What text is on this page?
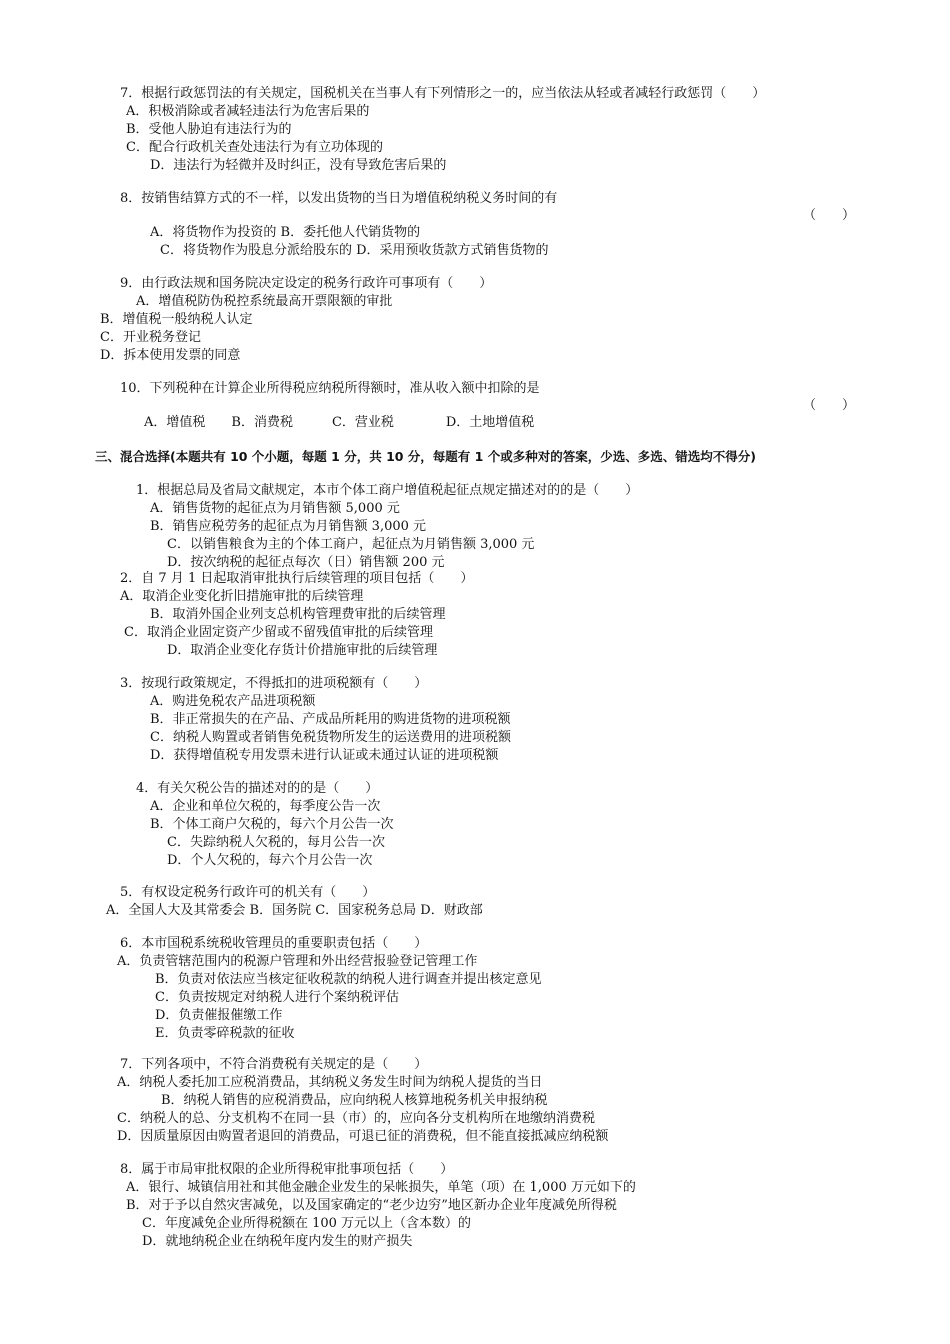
7．根据行政惩罚法的有关规定，国税机关在当事人有下列情形之一的，应当依法从轻或者减轻行政惩罚（　　）
A．积极消除或者减轻违法行为危害后果的
B．受他人胁迫有违法行为的
C．配合行政机关查处违法行为有立功体现的
D．违法行为轻微并及时纠正，没有导致危害后果的
8．按销售结算方式的不一样，以发出货物的当日为增值税纳税义务时间的有
（　　）
A．将货物作为投资的 B．委托他人代销货物的
C．将货物作为股息分派给股东的 D．采用预收货款方式销售货物的
9．由行政法规和国务院决定设定的税务行政许可事项有（　　）
A．增值税防伪税控系统最高开票限额的审批
B．增值税一般纳税人认定
C．开业税务登记
D．拆本使用发票的同意
10．下列税种在计算企业所得税应纳税所得额时，准从收入额中扣除的是
（　　）
A．增值税　　B．消费税　　　C．营业税　　　　D．土地增值税
三、混合选择(本题共有 10 个小题，每题 1 分，共 10 分，每题有 1 个或多种对的答案，少选、多选、错选均不得分)
1．根据总局及省局文献规定，本市个体工商户增值税起征点规定描述对的的是（　　）
A．销售货物的起征点为月销售额 5,000 元
B．销售应税劳务的起征点为月销售额 3,000 元
C．以销售粮食为主的个体工商户，起征点为月销售额 3,000 元
D．按次纳税的起征点每次（日）销售额 200 元
2．自 7 月 1 日起取消审批执行后续管理的项目包括（　　）
A．取消企业变化折旧措施审批的后续管理
B．取消外国企业列支总机构管理费审批的后续管理
C．取消企业固定资产少留或不留残值审批的后续管理
D．取消企业变化存货计价措施审批的后续管理
3．按现行政策规定，不得抵扣的进项税额有（　　）
A．购进免税农产品进项税额
B．非正常损失的在产品、产成品所耗用的购进货物的进项税额
C．纳税人购置或者销售免税货物所发生的运送费用的进项税额
D．获得增值税专用发票未进行认证或未通过认证的进项税额
4．有关欠税公告的描述对的的是（　　）
A．企业和单位欠税的，每季度公告一次
B．个体工商户欠税的，每六个月公告一次
C．失踪纳税人欠税的，每月公告一次
D．个人欠税的，每六个月公告一次
5．有权设定税务行政许可的机关有（　　）
A．全国人大及其常委会 B．国务院 C．国家税务总局 D．财政部
6．本市国税系统税收管理员的重要职责包括（　　）
A．负责管辖范围内的税源户管理和外出经营报验登记管理工作
B．负责对依法应当核定征收税款的纳税人进行调查并提出核定意见
C．负责按规定对纳税人进行个案纳税评估
D．负责催报催缴工作
E．负责零碎税款的征收
7．下列各项中，不符合消费税有关规定的是（　　）
A．纳税人委托加工应税消费品，其纳税义务发生时间为纳税人提货的当日
B．纳税人销售的应税消费品，应向纳税人核算地税务机关申报纳税
C．纳税人的总、分支机构不在同一县（市）的，应向各分支机构所在地缴纳消费税
D．因质量原因由购置者退回的消费品，可退已征的消费税，但不能直接抵减应纳税额
8．属于市局审批权限的企业所得税审批事项包括（　　）
A．银行、城镇信用社和其他金融企业发生的呆帐损失，单笔（项）在 1,000 万元如下的
B．对于予以自然灾害减免，以及国家确定的“老少边穷”地区新办企业年度减免所得税
C．年度减免企业所得税额在 100 万元以上（含本数）的
D．就地纳税企业在纳税年度内发生的财产损失
